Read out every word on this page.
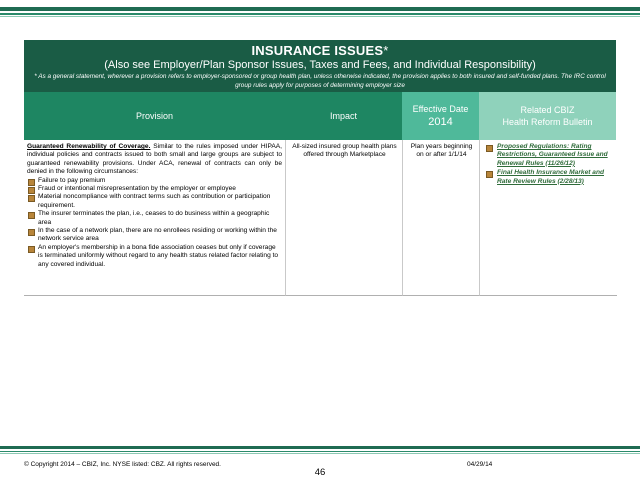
INSURANCE ISSUES*
(Also see Employer/Plan Sponsor Issues, Taxes and Fees, and Individual Responsibility)
* As a general statement, wherever a provision refers to employer-sponsored or group health plan, unless otherwise indicated, the provision applies to both insured and self-funded plans. The IRC control group rules apply for purposes of determining employer size
Provision	Impact
Effective Date
2014
Related CBIZ
Health Reform Bulletin
Guaranteed Renewability of Coverage. Similar to the rules imposed under HIPAA, individual policies and contracts issued to both small and large groups are subject to guaranteed renewability provisions. Under ACA, renewal of contracts can only be denied in the following circumstances:
Failure to pay premium
Fraud or intentional misrepresentation by the employer or employee
Material noncompliance with contract terms such as contribution or participation requirement.
The insurer terminates the plan, i.e., ceases to do business within a geographic area
In the case of a network plan, there are no enrollees residing or working within the network service area
An employer's membership in a bona fide association ceases but only if coverage is terminated uniformly without regard to any health status related factor relating to any covered individual.
All-sized insured group health plans offered through Marketplace
Plan years beginning on or after 1/1/14
Proposed Regulations: Rating Restrictions, Guaranteed Issue and Renewal Rules (11/26/12)
Final Health Insurance Market and Rate Review Rules (2/28/13)
© Copyright 2014 – CBIZ, Inc. NYSE listed: CBZ. All rights reserved.	04/29/14
46
